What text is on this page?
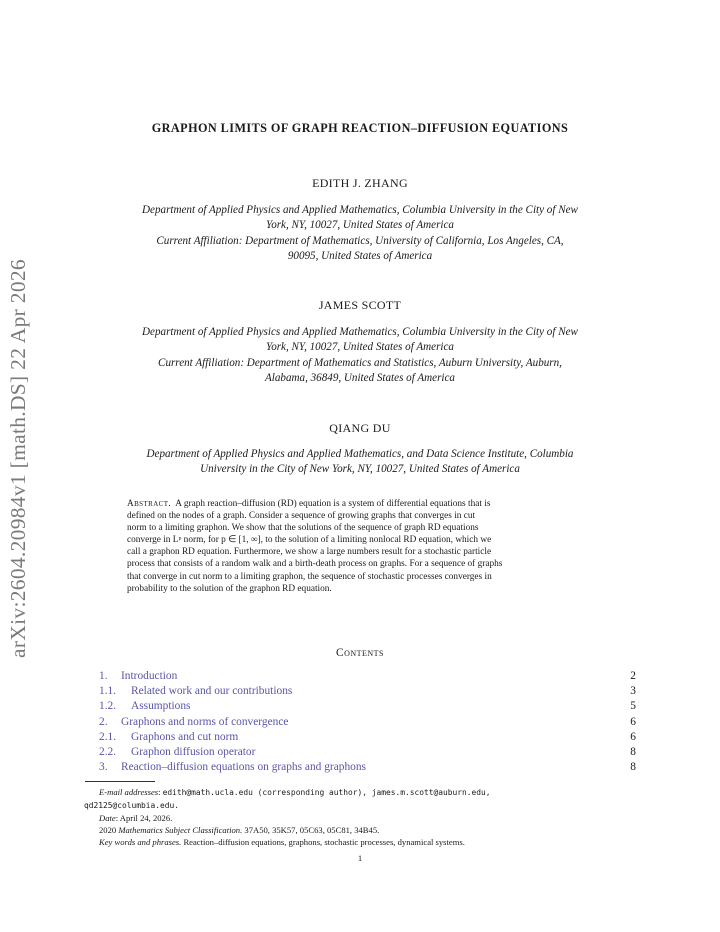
arXiv:2604.20984v1 [math.DS] 22 Apr 2026
GRAPHON LIMITS OF GRAPH REACTION–DIFFUSION EQUATIONS
EDITH J. ZHANG
Department of Applied Physics and Applied Mathematics, Columbia University in the City of New
York, NY, 10027, United States of America
Current Affiliation: Department of Mathematics, University of California, Los Angeles, CA,
90095, United States of America
JAMES SCOTT
Department of Applied Physics and Applied Mathematics, Columbia University in the City of New
York, NY, 10027, United States of America
Current Affiliation: Department of Mathematics and Statistics, Auburn University, Auburn,
Alabama, 36849, United States of America
QIANG DU
Department of Applied Physics and Applied Mathematics, and Data Science Institute, Columbia
University in the City of New York, NY, 10027, United States of America
Abstract. A graph reaction–diffusion (RD) equation is a system of differential equations that is
defined on the nodes of a graph. Consider a sequence of growing graphs that converges in cut
norm to a limiting graphon. We show that the solutions of the sequence of graph RD equations
converge in Lᵖ norm, for p ∈ [1, ∞], to the solution of a limiting nonlocal RD equation, which we
call a graphon RD equation. Furthermore, we show a large numbers result for a stochastic particle
process that consists of a random walk and a birth-death process on graphs. For a sequence of graphs
that converge in cut norm to a limiting graphon, the sequence of stochastic processes converges in
probability to the solution of the graphon RD equation.
Contents
1. Introduction	2
1.1. Related work and our contributions	3
1.2. Assumptions	5
2. Graphons and norms of convergence	6
2.1. Graphons and cut norm	6
2.2. Graphon diffusion operator	8
3. Reaction–diffusion equations on graphs and graphons	8
E-mail addresses: edith@math.ucla.edu (corresponding author), james.m.scott@auburn.edu,
qd2125@columbia.edu.
Date: April 24, 2026.
2020 Mathematics Subject Classification. 37A50, 35K57, 05C63, 05C81, 34B45.
Key words and phrases. Reaction–diffusion equations, graphons, stochastic processes, dynamical systems.
1
